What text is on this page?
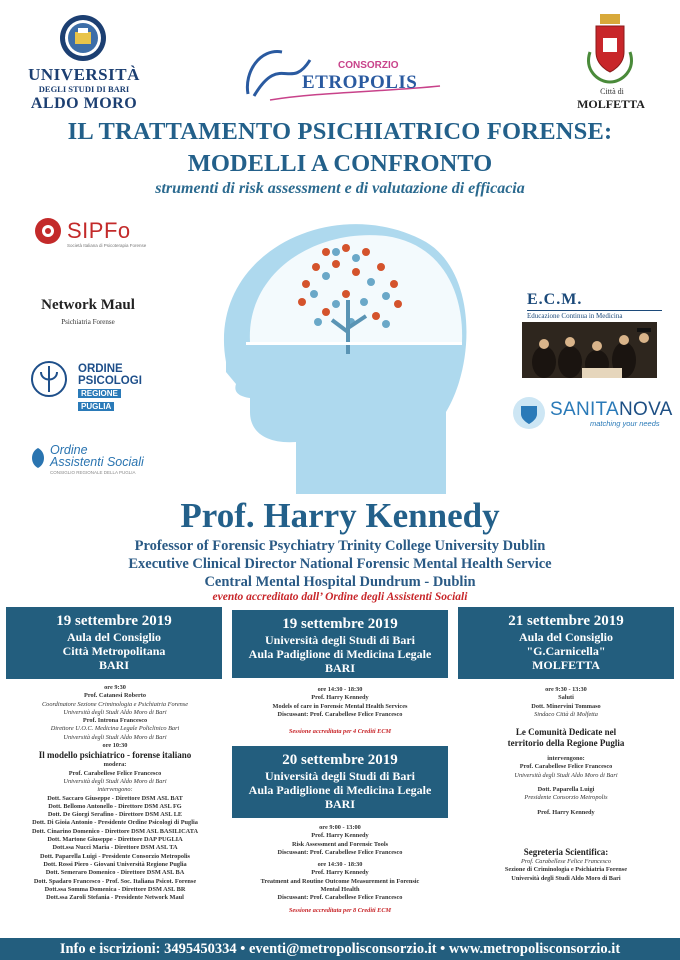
UNIVERSITÀ
DEGLI STUDI DI BARI
ALDO MORO
CONSORZIO
ETROPOLIS	Città di
MOLFETTA
IL TRATTAMENTO PSICHIATRICO FORENSE:
MODELLI A CONFRONTO
strumenti di risk assessment e di valutazione di efficacia
SIPFo
Società Italiana di Psicoterapia Forense
Network Maul
Psichiatria Forense
ORDINE
PSICOLOGI
REGIONE
PUGLIA
Ordine
Assistenti Sociali
CONSIGLIO REGIONALE DELLA PUGLIA
E.C.M.
Educazione Continua in Medicina
SANITANOVA
matching your needs
Prof. Harry Kennedy
Professor of Forensic Psychiatry Trinity College University Dublin
Executive Clinical Director National Forensic Mental Health Service
Central Mental Hospital Dundrum - Dublin
evento accreditato dall’ Ordine degli Assistenti Sociali
19 settembre 2019
Aula del Consiglio
Città Metropolitana
BARI
19 settembre 2019
Università degli Studi di Bari
Aula Padiglione di Medicina Legale
BARI
21 settembre 2019
Aula del Consiglio
"G.Carnicella"
MOLFETTA
20 settembre 2019
Università degli Studi di Bari
Aula Padiglione di Medicina Legale
BARI
ore 9:30
Prof. Catanesi Roberto
Coordinatore Sezione Criminologia e Psichiatria Forense
Università degli Studi Aldo Moro di Bari
Prof. Introna Francesco
Direttore U.O.C. Medicina Legale Policlinico Bari
Università degli Studi Aldo Moro di Bari
ore 10:30
Il modello psichiatrico - forense italiano
modera:
Prof. Carabellese Felice Francesco
Università degli Studi Aldo Moro di Bari
intervengono:
Dott. Saccaro Giuseppe - Direttore DSM ASL BAT
Dott. Bellomo Antonello - Direttore DSM ASL FG
Dott. De Giorgi Serafino - Direttore DSM ASL LE
Dott. Di Gioia Antonio - Presidente Ordine Psicologi di Puglia
Dott. Cinarino Domenico - Direttore DSM ASL BASILICATA
Dott. Martone Giuseppe - Direttore DAP PUGLIA
Dott.ssa Nucci Maria - Direttore DSM ASL TA
Dott. Paparella Luigi - Presidente Consorzio Metropolis
Dott. Rossi Piero - Giovani Università Regione Puglia
Dott. Semeraro Domenico - Direttore DSM ASL BA
Dott. Spadaro Francesco - Prof. Soc. Italiana Psicot. Forense
Dott.ssa Somma Domenica - Direttore DSM ASL BR
Dott.ssa Zaroli Stefania - Presidente Network Maul
ore 14:30 - 18:30
Prof. Harry Kennedy
Models of care in Forensic Mental Health Services
Discussant: Prof. Carabellese Felice Francesco
Sessione accreditata per 4 Crediti ECM
ore 9:00 - 13:00
Prof. Harry Kennedy
Risk Assessment and Forensic Tools
Discussant: Prof. Carabellese Felice Francesco
ore 14:30 - 18:30
Prof. Harry Kennedy
Treatment and Routine Outcome Measurement in Forensic
Mental Health
Discussant: Prof. Carabellese Felice Francesco
Sessione accreditata per 8 Crediti ECM
ore 9:30 - 13:30
Saluti
Dott. Minervini Tommaso
Sindaco Città di Molfetta
Le Comunità Dedicate nel
territorio della Regione Puglia
intervengono:
Prof. Carabellese Felice Francesco
Università degli Studi Aldo Moro di Bari
Dott. Paparella Luigi
Presidente Consorzio Metropolis
Prof. Harry Kennedy
Segreteria Scientifica:
Prof. Carabellese Felice Francesco
Sezione di Criminologia e Psichiatria Forense
Università degli Studi Aldo Moro di Bari
Info e iscrizioni: 3495450334 • eventi@metropolisconsorzio.it • www.metropolisconsorzio.it
